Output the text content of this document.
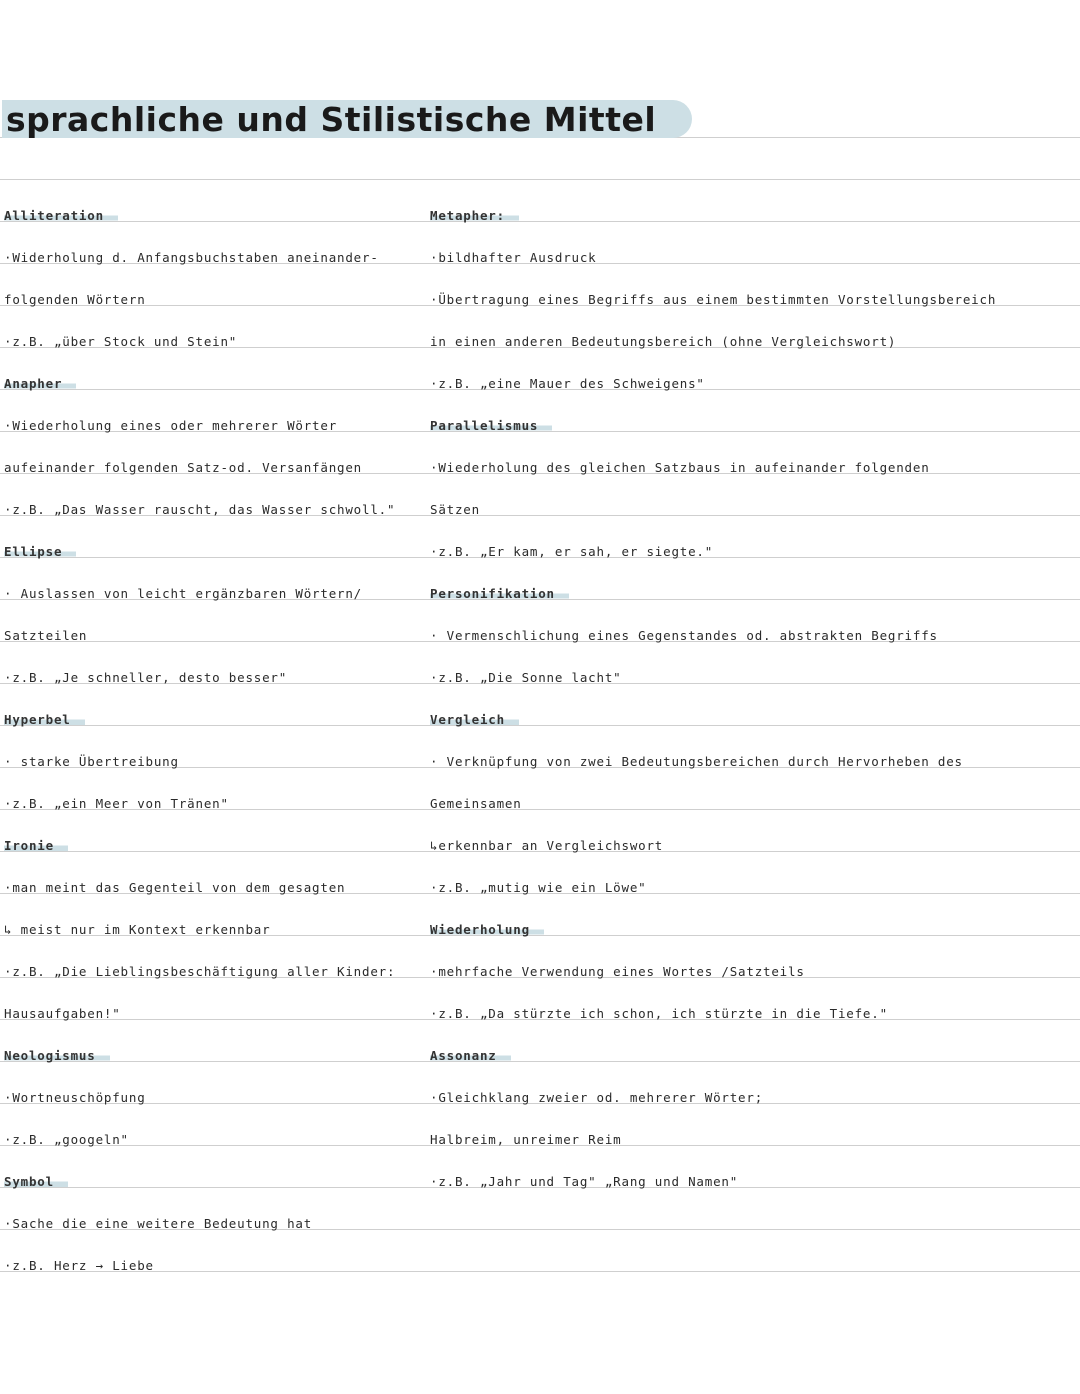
sprachliche und Stilistische Mittel
Alliteration
·Widerholung d. Anfangsbuchstaben aneinander-
folgenden Wörtern
·z.B. „über Stock und Stein"
Anapher
·Wiederholung eines oder mehrerer Wörter
aufeinander folgenden Satz-od. Versanfängen
·z.B. „Das Wasser rauscht, das Wasser schwoll."
Ellipse
· Auslassen von leicht ergänzbaren Wörtern/
Satzteilen
·z.B. „Je schneller, desto besser"
Hyperbel
· starke Übertreibung
·z.B. „ein Meer von Tränen"
Ironie
·man meint das Gegenteil von dem gesagten
↳ meist nur im Kontext erkennbar
·z.B. „Die Lieblingsbeschäftigung aller Kinder:
Hausaufgaben!"
Neologismus
·Wortneuschöpfung
·z.B. „googeln"
Symbol
·Sache die eine weitere Bedeutung hat
·z.B. Herz → Liebe
Metapher:
·bildhafter Ausdruck
·Übertragung eines Begriffs aus einem bestimmten Vorstellungsbereich
in einen anderen Bedeutungsbereich (ohne Vergleichswort)
·z.B. „eine Mauer des Schweigens"
Parallelismus
·Wiederholung des gleichen Satzbaus in aufeinander folgenden
Sätzen
·z.B. „Er kam, er sah, er siegte."
Personifikation
· Vermenschlichung eines Gegenstandes od. abstrakten Begriffs
·z.B. „Die Sonne lacht"
Vergleich
· Verknüpfung von zwei Bedeutungsbereichen durch Hervorheben des
Gemeinsamen
↳erkennbar an Vergleichswort
·z.B. „mutig wie ein Löwe"
Wiederholung
·mehrfache Verwendung eines Wortes /Satzteils
·z.B. „Da stürzte ich schon, ich stürzte in die Tiefe."
Assonanz
·Gleichklang zweier od. mehrerer Wörter;
Halbreim, unreimer Reim
·z.B. „Jahr und Tag" „Rang und Namen"
